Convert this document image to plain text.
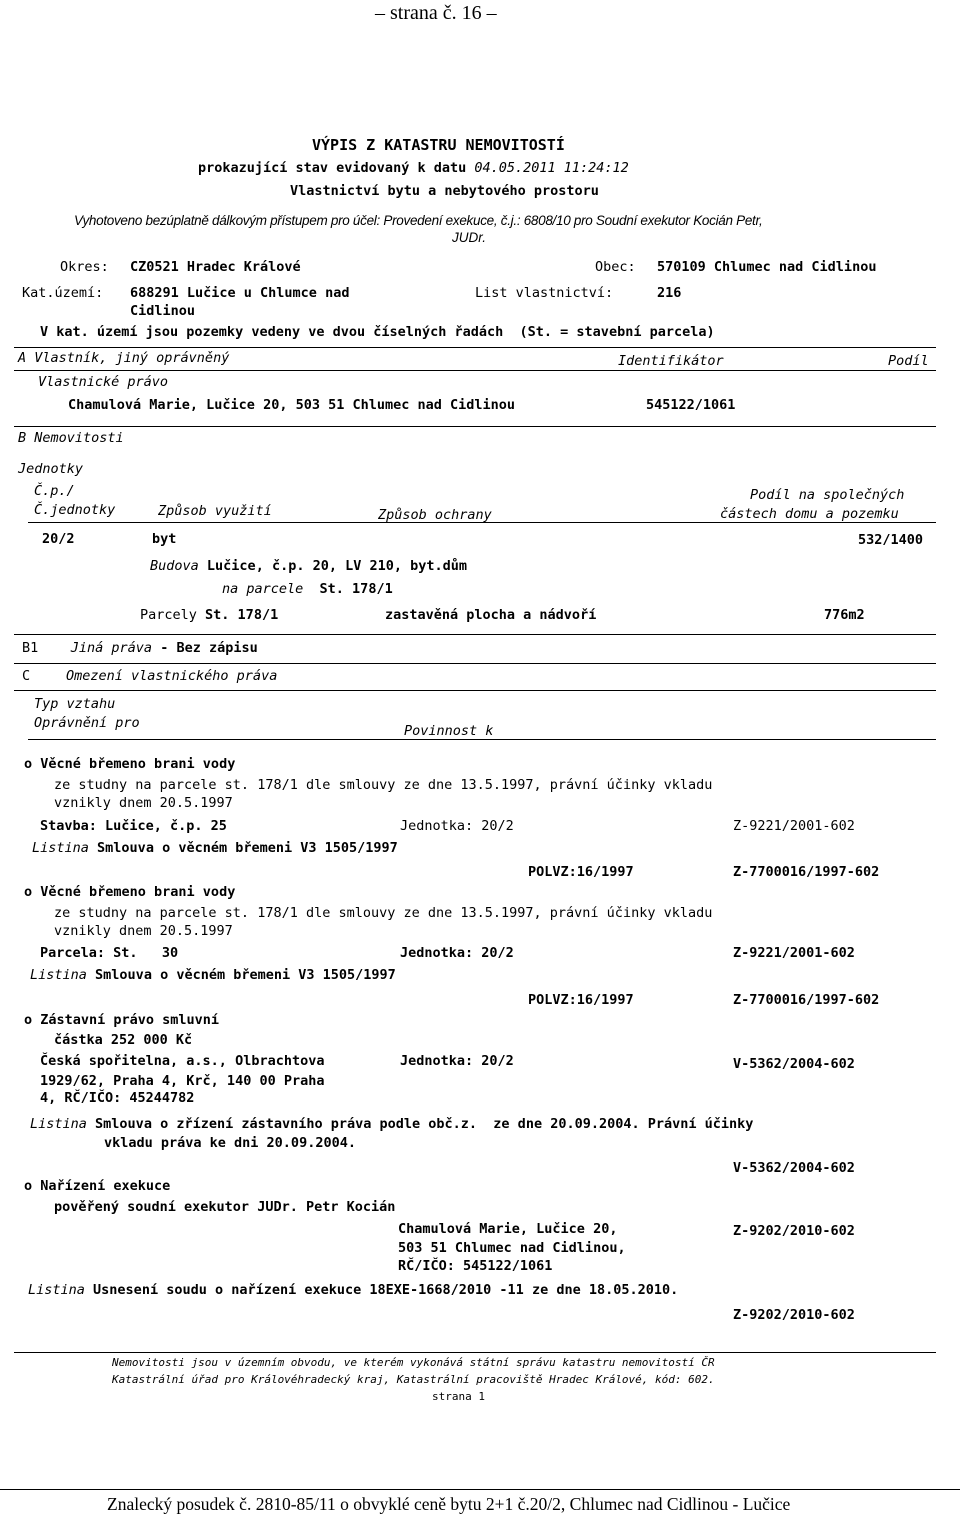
– strana č. 16 –
VÝPIS Z KATASTRU NEMOVITOSTÍ
prokazující stav evidovaný k datu 04.05.2011 11:24:12
Vlastnictví bytu a nebytového prostoru
Vyhotoveno bezúplatně dálkovým přístupem pro účel: Provedení exekuce, č.j.: 6808/10 pro Soudní exekutor Kocián Petr,
JUDr.
Okres: CZ0521 Hradec Králové	Obec: 570109 Chlumec nad Cidlinou
Kat.území: 688291 Lučice u Chlumce nad
Cidlinou
List vlastnictví:	216
V kat. území jsou pozemky vedeny ve dvou číselných řadách  (St. = stavební parcela)
A Vlastník, jiný oprávněný	Identifikátor	Podíl
Vlastnické právo
Chamulová Marie, Lučice 20, 503 51 Chlumec nad Cidlinou	545122/1061
B Nemovitosti
Jednotky
Č.p./
Č.jednotky	Způsob využití	Způsob ochrany
Podíl na společných
částech domu a pozemku
20/2	byt	532/1400
Budova Lučice, č.p. 20, LV 210, byt.dům
na parcele St. 178/1
Parcely St. 178/1	zastavěná plocha a nádvoří	776m2
B1 Jiná práva - Bez zápisu
C	Omezení vlastnického práva
Typ vztahu
Oprávnění pro	Povinnost k
o Věcné břemeno brani vody
ze studny na parcele st. 178/1 dle smlouvy ze dne 13.5.1997, právní účinky vkladu
vznikly dnem 20.5.1997
Stavba: Lučice, č.p. 25	Jednotka: 20/2	Z-9221/2001-602
Listina Smlouva o věcném břemeni V3 1505/1997
POLVZ:16/1997	Z-7700016/1997-602
o Věcné břemeno brani vody
ze studny na parcele st. 178/1 dle smlouvy ze dne 13.5.1997, právní účinky vkladu
vznikly dnem 20.5.1997
Parcela: St.   30	Jednotka: 20/2	Z-9221/2001-602
Listina Smlouva o věcném břemeni V3 1505/1997
POLVZ:16/1997	Z-7700016/1997-602
o Zástavní právo smluvní
částka 252 000 Kč
Česká spořitelna, a.s., Olbrachtova	Jednotka: 20/2	V-5362/2004-602
1929/62, Praha 4, Krč, 140 00 Praha
4, RČ/IČO: 45244782
Listina Smlouva o zřízení zástavního práva podle obč.z.  ze dne 20.09.2004. Právní účinky
vkladu práva ke dni 20.09.2004.
V-5362/2004-602
o Nařízení exekuce
pověřený soudní exekutor JUDr. Petr Kocián
Chamulová Marie, Lučice 20,	Z-9202/2010-602
503 51 Chlumec nad Cidlinou,
RČ/IČO: 545122/1061
Listina Usnesení soudu o nařízení exekuce 18EXE-1668/2010 -11 ze dne 18.05.2010.
Z-9202/2010-602
Nemovitosti jsou v územním obvodu, ve kterém vykonává státní správu katastru nemovitostí ČR
Katastrální úřad pro Královéhradecký kraj, Katastrální pracoviště Hradec Králové, kód: 602.
strana 1
Znalecký posudek č. 2810-85/11 o obvyklé ceně bytu 2+1 č.20/2, Chlumec nad Cidlinou - Lučice
